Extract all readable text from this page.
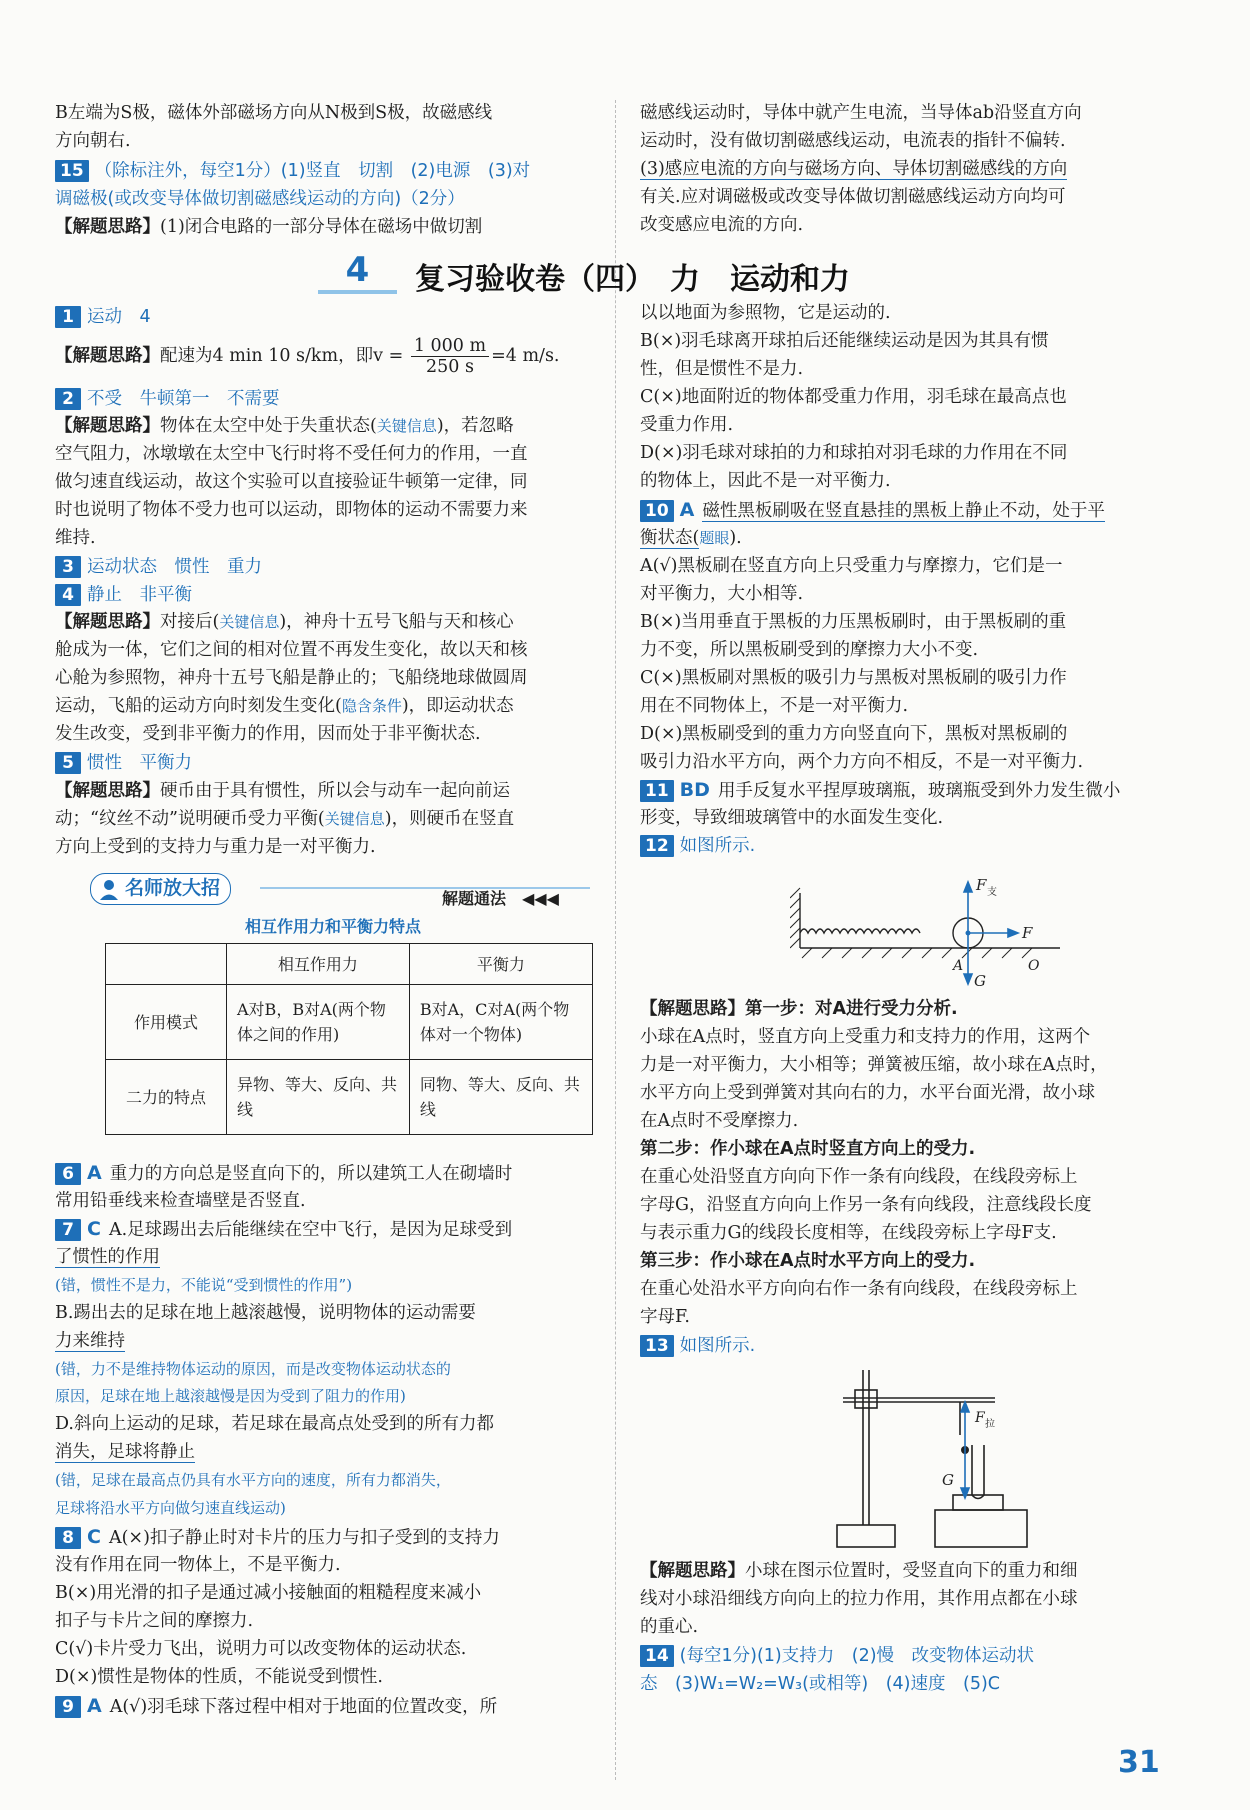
B左端为S极，磁体外部磁场方向从N极到S极，故磁感线

方向朝右.

15 （除标注外，每空1分）(1)竖直　切割　(2)电源　(3)对

调磁极(或改变导体做切割磁感线运动的方向)（2分）

【解题思路】(1)闭合电路的一部分导体在磁场中做切割

磁感线运动时，导体中就产生电流，当导体ab沿竖直方向

运动时，没有做切割磁感线运动，电流表的指针不偏转.

(3)感应电流的方向与磁场方向、导体切割磁感线的方向

有关.应对调磁极或改变导体做切割磁感线运动方向均可

改变感应电流的方向.

4	复习验收卷（四）　力　运动和力
1 运动　4
【解题思路】配速为4 min 10 s/km，即$v = \frac{1 000 m}{250 s} =4$ m/s.
2 不受　牛顿第一　不需要

【解题思路】物体在太空中处于失重状态(关键信息)，若忽略

空气阻力，冰墩墩在太空中飞行时将不受任何力的作用，一直

做匀速直线运动，故这个实验可以直接验证牛顿第一定律，同

时也说明了物体不受力也可以运动，即物体的运动不需要力来

维持.

3 运动状态　惯性　重力
4 静止　非平衡

【解题思路】对接后(关键信息)，神舟十五号飞船与天和核心

舱成为一体，它们之间的相对位置不再发生变化，故以天和核

心舱为参照物，神舟十五号飞船是静止的；飞船绕地球做圆周

运动，飞船的运动方向时刻发生变化(隐含条件)，即运动状态

发生改变，受到非平衡力的作用，因而处于非平衡状态.

5 惯性　平衡力

【解题思路】硬币由于具有惯性，所以会与动车一起向前运

动；“纹丝不动”说明硬币受力平衡(关键信息)，则硬币在竖直

方向上受到的支持力与重力是一对平衡力.

名师放大招	解题通法　◀◀◀
相互作用力和平衡力特点
	相互作用力	平衡力
作用模式	A对B，B对A(两个物体之间的作用)	B对A，C对A(两个物体对一个物体)
二力的特点	异物、等大、反向、共线	同物、等大、反向、共线
6 A 重力的方向总是竖直向下的，所以建筑工人在砌墙时

常用铅垂线来检查墙壁是否竖直.

7 C A.足球踢出去后能继续在空中飞行，是因为足球受到

了惯性的作用

(错，惯性不是力，不能说“受到惯性的作用”)

B.踢出去的足球在地上越滚越慢，说明物体的运动需要

力来维持

(错，力不是维持物体运动的原因，而是改变物体运动状态的

原因，足球在地上越滚越慢是因为受到了阻力的作用)

D.斜向上运动的足球，若足球在最高点处受到的所有力都

消失，足球将静止

(错，足球在最高点仍具有水平方向的速度，所有力都消失，

足球将沿水平方向做匀速直线运动)

8 C A(×)扣子静止时对卡片的压力与扣子受到的支持力

没有作用在同一物体上，不是平衡力.

B(×)用光滑的扣子是通过减小接触面的粗糙程度来减小

扣子与卡片之间的摩擦力.

C(√)卡片受力飞出，说明力可以改变物体的运动状态.

D(×)惯性是物体的性质，不能说受到惯性.

9 A A(√)羽毛球下落过程中相对于地面的位置改变，所

以以地面为参照物，它是运动的.

B(×)羽毛球离开球拍后还能继续运动是因为其具有惯

性，但是惯性不是力.

C(×)地面附近的物体都受重力作用，羽毛球在最高点也

受重力作用.

D(×)羽毛球对球拍的力和球拍对羽毛球的力作用在不同

的物体上，因此不是一对平衡力.

10 A 磁性黑板刷吸在竖直悬挂的黑板上静止不动，处于平

衡状态(题眼).

A(√)黑板刷在竖直方向上只受重力与摩擦力，它们是一

对平衡力，大小相等.

B(×)当用垂直于黑板的力压黑板刷时，由于黑板刷的重

力不变，所以黑板刷受到的摩擦力大小不变.

C(×)黑板刷对黑板的吸引力与黑板对黑板刷的吸引力作

用在不同物体上，不是一对平衡力.

D(×)黑板刷受到的重力方向竖直向下，黑板对黑板刷的

吸引力沿水平方向，两个力方向不相反，不是一对平衡力.

11 BD 用手反复水平捏厚玻璃瓶，玻璃瓶受到外力发生微小

形变，导致细玻璃管中的水面发生变化.

12 如图所示.
F 支
F
A
G
O

【解题思路】第一步：对A进行受力分析.

小球在A点时，竖直方向上受重力和支持力的作用，这两个

力是一对平衡力，大小相等；弹簧被压缩，故小球在A点时，

水平方向上受到弹簧对其向右的力，水平台面光滑，故小球

在A点时不受摩擦力.

第二步：作小球在A点时竖直方向上的受力.

在重心处沿竖直方向向下作一条有向线段，在线段旁标上

字母G，沿竖直方向向上作另一条有向线段，注意线段长度

与表示重力G的线段长度相等，在线段旁标上字母F支.

第三步：作小球在A点时水平方向上的受力.

在重心处沿水平方向向右作一条有向线段，在线段旁标上

字母F.

13 如图所示.
F 拉
G

【解题思路】小球在图示位置时，受竖直向下的重力和细

线对小球沿细线方向向上的拉力作用，其作用点都在小球

的重心.

14 (每空1分)(1)支持力　(2)慢　改变物体运动状

态　(3)W₁=W₂=W₃(或相等)　(4)速度　(5)C

31
